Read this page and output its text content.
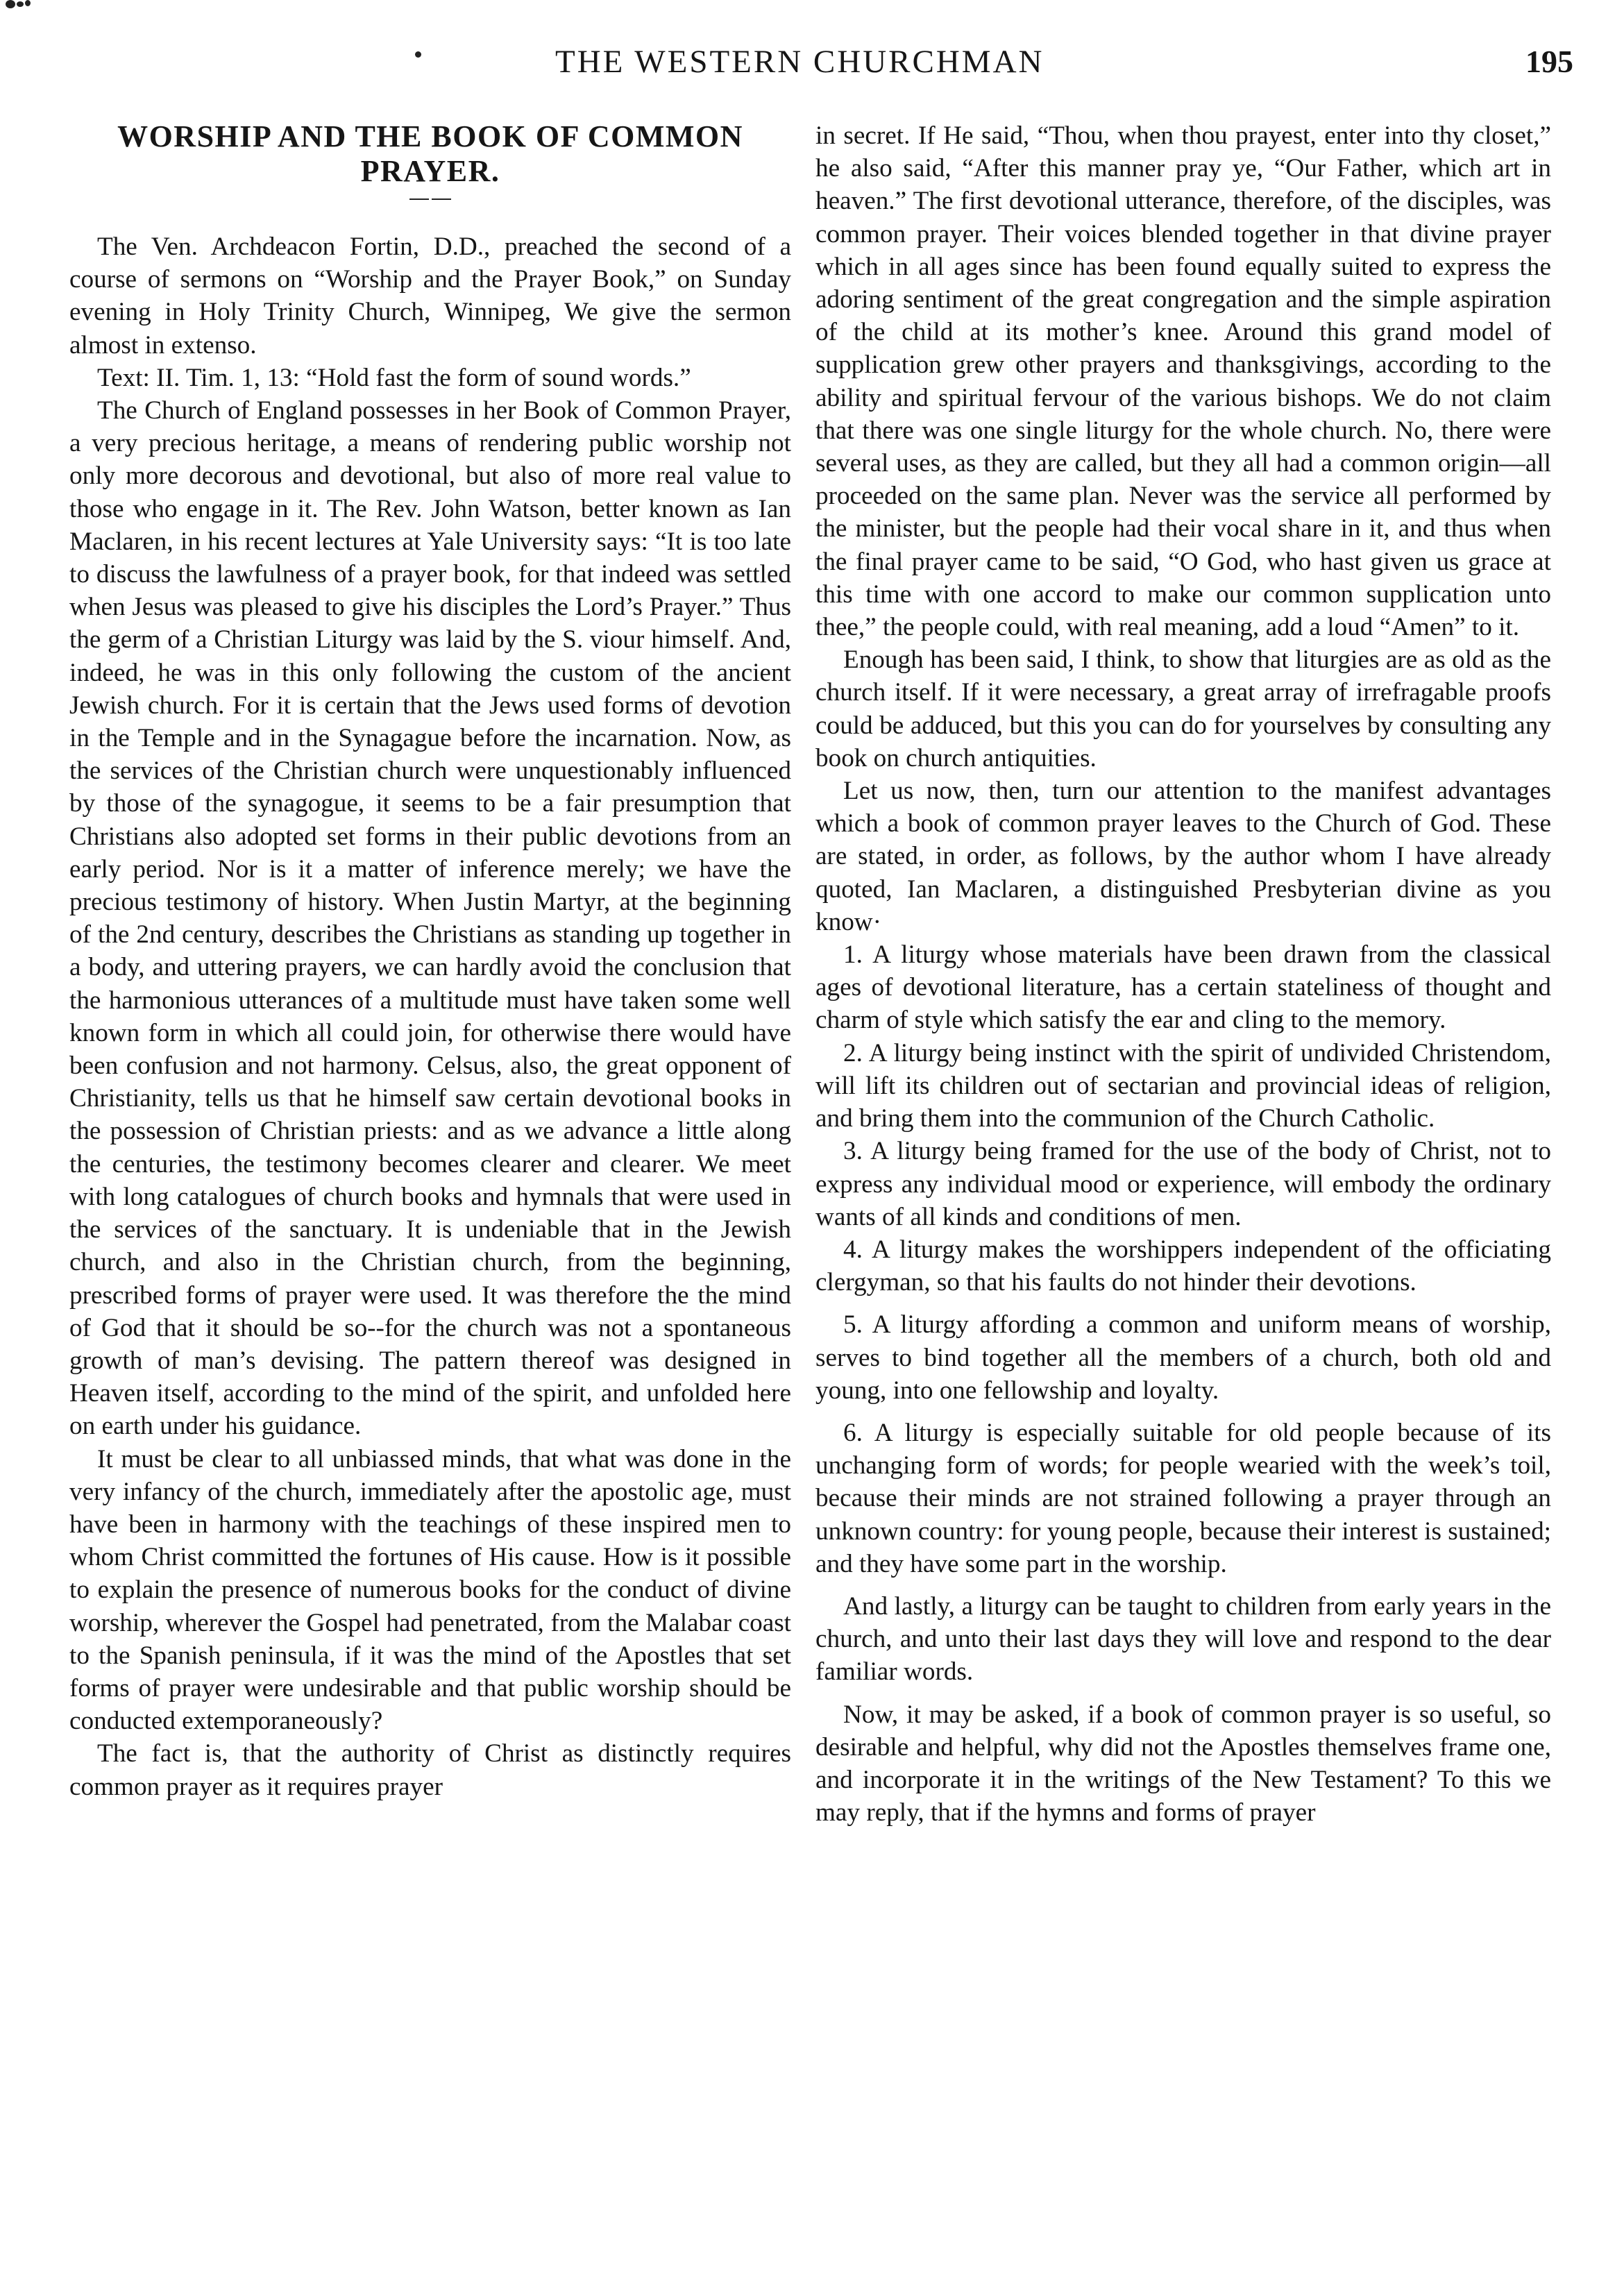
THE WESTERN CHURCHMAN	195
WORSHIP AND THE BOOK OF COMMON PRAYER.

The Ven. Archdeacon Fortin, D.D., preached the second of a course of sermons on “Worship and the Prayer Book,” on Sunday evening in Holy Trinity Church, Winnipeg, We give the sermon almost in extenso.

Text: II. Tim. 1, 13: “Hold fast the form of sound words.”

The Church of England possesses in her Book of Common Prayer, a very precious heritage, a means of rendering public worship not only more decorous and devotional, but also of more real value to those who engage in it. The Rev. John Watson, better known as Ian Maclaren, in his recent lectures at Yale University says: “It is too late to discuss the lawfulness of a prayer book, for that indeed was settled when Jesus was pleased to give his disciples the Lord’s Prayer.” Thus the germ of a Christian Liturgy was laid by the S. viour himself. And, indeed, he was in this only following the custom of the ancient Jewish church. For it is certain that the Jews used forms of devotion in the Temple and in the Synagague before the incarnation. Now, as the services of the Christian church were unquestionably influenced by those of the synagogue, it seems to be a fair presumption that Christians also adopted set forms in their public devotions from an early period. Nor is it a matter of inference merely; we have the precious testimony of history. When Justin Martyr, at the beginning of the 2nd century, describes the Christians as standing up together in a body, and uttering prayers, we can hardly avoid the conclusion that the harmonious utterances of a multitude must have taken some well known form in which all could join, for otherwise there would have been confusion and not harmony. Celsus, also, the great opponent of Christianity, tells us that he himself saw certain devotional books in the possession of Christian priests: and as we advance a little along the centuries, the testimony becomes clearer and clearer. We meet with long catalogues of church books and hymnals that were used in the services of the sanctuary. It is undeniable that in the Jewish church, and also in the Christian church, from the beginning, prescribed forms of prayer were used. It was therefore the the mind of God that it should be so--for the church was not a spontaneous growth of man’s devising. The pattern thereof was designed in Heaven itself, according to the mind of the spirit, and unfolded here on earth under his guidance.

It must be clear to all unbiassed minds, that what was done in the very infancy of the church, immediately after the apostolic age, must have been in harmony with the teachings of these inspired men to whom Christ committed the fortunes of His cause. How is it possible to explain the presence of numerous books for the conduct of divine worship, wherever the Gospel had penetrated, from the Malabar coast to the Spanish peninsula, if it was the mind of the Apostles that set forms of prayer were undesirable and that public worship should be conducted extemporaneously?

The fact is, that the authority of Christ as distinctly requires common prayer as it requires prayer

in secret. If He said, “Thou, when thou prayest, enter into thy closet,” he also said, “After this manner pray ye, “Our Father, which art in heaven.” The first devotional utterance, therefore, of the disciples, was common prayer. Their voices blended together in that divine prayer which in all ages since has been found equally suited to express the adoring sentiment of the great congregation and the simple aspiration of the child at its mother’s knee. Around this grand model of supplication grew other prayers and thanksgivings, according to the ability and spiritual fervour of the various bishops. We do not claim that there was one single liturgy for the whole church. No, there were several uses, as they are called, but they all had a common origin—all proceeded on the same plan. Never was the service all performed by the minister, but the people had their vocal share in it, and thus when the final prayer came to be said, “O God, who hast given us grace at this time with one accord to make our common supplication unto thee,” the people could, with real meaning, add a loud “Amen” to it.

Enough has been said, I think, to show that liturgies are as old as the church itself. If it were necessary, a great array of irrefragable proofs could be adduced, but this you can do for yourselves by consulting any book on church antiquities.

Let us now, then, turn our attention to the manifest advantages which a book of common prayer leaves to the Church of God. These are stated, in order, as follows, by the author whom I have already quoted, Ian Maclaren, a distinguished Presbyterian divine as you know·

1. A liturgy whose materials have been drawn from the classical ages of devotional literature, has a certain stateliness of thought and charm of style which satisfy the ear and cling to the memory.

2. A liturgy being instinct with the spirit of undivided Christendom, will lift its children out of sectarian and provincial ideas of religion, and bring them into the communion of the Church Catholic.

3. A liturgy being framed for the use of the body of Christ, not to express any individual mood or experience, will embody the ordinary wants of all kinds and conditions of men.

4. A liturgy makes the worshippers independent of the officiating clergyman, so that his faults do not hinder their devotions.

5. A liturgy affording a common and uniform means of worship, serves to bind together all the members of a church, both old and young, into one fellowship and loyalty.

6. A liturgy is especially suitable for old people because of its unchanging form of words; for people wearied with the week’s toil, because their minds are not strained following a prayer through an unknown country: for young people, because their interest is sustained; and they have some part in the worship.

And lastly, a liturgy can be taught to children from early years in the church, and unto their last days they will love and respond to the dear familiar words.

Now, it may be asked, if a book of common prayer is so useful, so desirable and helpful, why did not the Apostles themselves frame one, and incorporate it in the writings of the New Testament? To this we may reply, that if the hymns and forms of prayer
